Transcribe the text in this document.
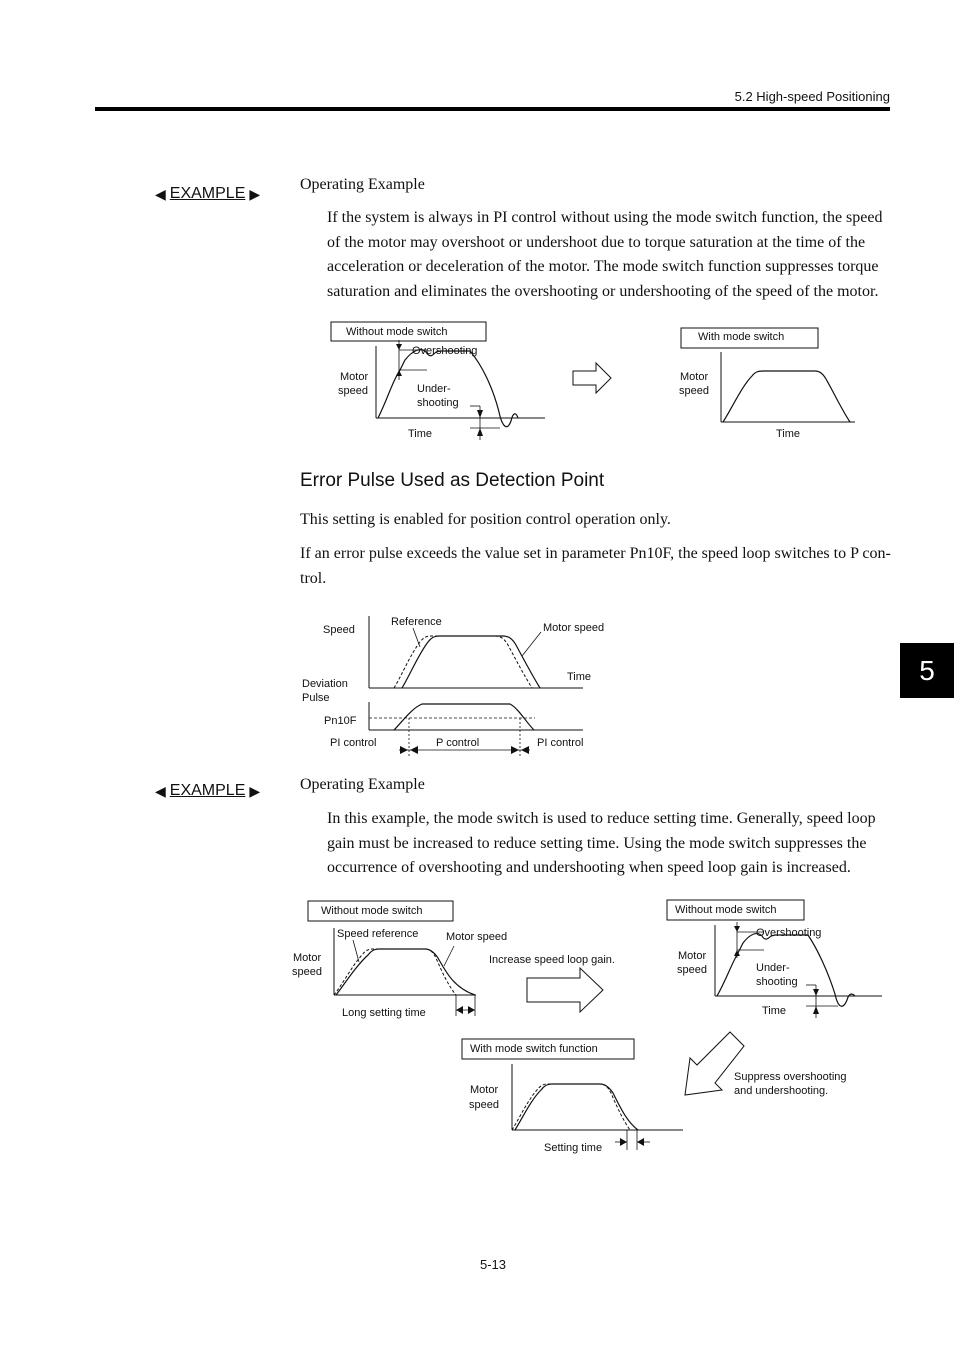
5.2 High-speed Positioning
5
◀ EXAMPLE ▶
Operating Example

If the system is always in PI control without using the mode switch function, the speed of the motor may overshoot or undershoot due to torque saturation at the time of the acceleration or deceleration of the motor. The mode switch function suppresses torque saturation and eliminates the overshooting or undershooting of the speed of the motor.

Without mode switch
Overshooting
Motor
speed	Under-
shooting
Time
With mode switch
Motor
speed
Time
Error Pulse Used as Detection Point

This setting is enabled for position control operation only.

If an error pulse exceeds the value set in parameter Pn10F, the speed loop switches to P con-trol.

Speed
Reference	Motor speed
Time
Deviation
Pulse
Pn10F
PI control	P control	PI control
◀ EXAMPLE ▶ Operating Example

In this example, the mode switch is used to reduce setting time. Generally, speed loop gain must be increased to reduce setting time. Using the mode switch suppresses the occurrence of overshooting and undershooting when speed loop gain is increased.

Without mode switch
Speed reference	Motor speed
Motor
speed
Long setting time
Increase speed loop gain.
Without mode switch
Overshooting
Motor
speed	Under-
shooting
Time
Suppress overshooting
and undershooting.
With mode switch function
Motor
speed
Setting time
5-13
